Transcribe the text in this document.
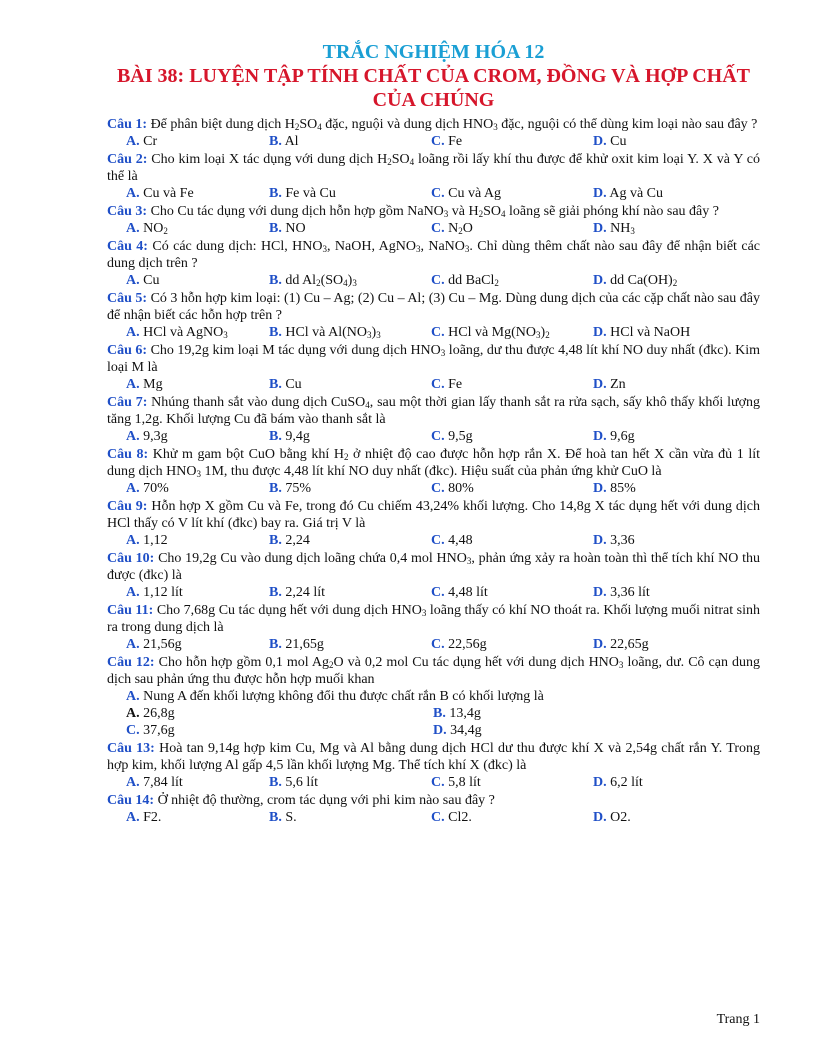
TRẮC NGHIỆM HÓA 12
BÀI 38: LUYỆN TẬP TÍNH CHẤT CỦA CROM, ĐỒNG VÀ HỢP CHẤT CỦA CHÚNG
Câu 1: Để phân biệt dung dịch $H_2SO_4$ đặc, nguội và dung dịch $HNO_3$ đặc, nguội có thể dùng kim loại nào sau đây ?
A. Cr	B. Al	C. Fe	D. Cu
Câu 2: Cho kim loại X tác dụng với dung dịch $H_2SO_4$ loãng rồi lấy khí thu được để khử oxit kim loại Y. X và Y có thể là
A. Cu và Fe	B. Fe và Cu	C. Cu và Ag	D. Ag và Cu
Câu 3: Cho Cu tác dụng với dung dịch hỗn hợp gồm NaNO$_3$ và $H_2SO_4$ loãng sẽ giải phóng khí nào sau đây ?
A. $NO_2$	B. NO	C. $N_2O$	D. $NH_3$
Câu 4: Có các dung dịch: HCl, $HNO_3$, NaOH, AgNO$_3$, NaNO$_3$. Chỉ dùng thêm chất nào sau đây để nhận biết các dung dịch trên ?
A. Cu	B. dd $Al_2(SO_4)_3$	C. dd BaCl$_2$	D. dd $Ca(OH)_2$
Câu 5: Có 3 hỗn hợp kim loại: (1) Cu – Ag; (2) Cu – Al; (3) Cu – Mg. Dùng dung dịch của các cặp chất nào sau đây để nhận biết các hỗn hợp trên ?
A. HCl và AgNO$_3$	B. HCl và $Al(NO_3)_3$	C. HCl và $Mg(NO_3)_2$	D. HCl và NaOH
Câu 6: Cho 19,2g kim loại M tác dụng với dung dịch $HNO_3$ loãng, dư thu được 4,48 lít khí NO duy nhất (đkc). Kim loại M là
A. Mg	B. Cu	C. Fe	D. Zn
Câu 7: Nhúng thanh sắt vào dung dịch CuSO$_4$, sau một thời gian lấy thanh sắt ra rửa sạch, sấy khô thấy khối lượng tăng 1,2g. Khối lượng Cu đã bám vào thanh sắt là
A. 9,3g	B. 9,4g	C. 9,5g	D. 9,6g
Câu 8: Khử m gam bột CuO bằng khí $H_2$ ở nhiệt độ cao được hỗn hợp rắn X. Để hoà tan hết X cần vừa đủ 1 lít dung dịch $HNO_3$ 1M, thu được 4,48 lít khí NO duy nhất (đkc). Hiệu suất của phản ứng khử CuO là
A. 70%	B. 75%	C. 80%	D. 85%
Câu 9: Hỗn hợp X gồm Cu và Fe, trong đó Cu chiếm 43,24% khối lượng. Cho 14,8g X tác dụng hết với dung dịch HCl thấy có V lít khí (đkc) bay ra. Giá trị V là
A. 1,12	B. 2,24	C. 4,48	D. 3,36
Câu 10: Cho 19,2g Cu vào dung dịch loãng chứa 0,4 mol $HNO_3$, phản ứng xảy ra hoàn toàn thì thể tích khí NO thu được (đkc) là
A. 1,12 lít	B. 2,24 lít	C. 4,48 lít	D. 3,36 lít
Câu 11: Cho 7,68g Cu tác dụng hết với dung dịch $HNO_3$ loãng thấy có khí NO thoát ra. Khối lượng muối nitrat sinh ra trong dung dịch là
A. 21,56g	B. 21,65g	C. 22,56g	D. 22,65g
Câu 12: Cho hỗn hợp gồm 0,1 mol $Ag_2O$ và 0,2 mol Cu tác dụng hết với dung dịch $HNO_3$ loãng, dư. Cô cạn dung dịch sau phản ứng thu được hỗn hợp muối khan
A. Nung A đến khối lượng không đổi thu được chất rắn B có khối lượng là
A. 26,8g	B. 13,4g
C. 37,6g	D. 34,4g
Câu 13: Hoà tan 9,14g hợp kim Cu, Mg và Al bằng dung dịch HCl dư thu được khí X và 2,54g chất rắn Y. Trong hợp kim, khối lượng Al gấp 4,5 lần khối lượng Mg. Thể tích khí X (đkc) là
A. 7,84 lít	B. 5,6 lít	C. 5,8 lít	D. 6,2 lít
Câu 14: Ở nhiệt độ thường, crom tác dụng với phi kim nào sau đây ?
A. F2.	B. S.	C. Cl2.	D. O2.
Trang 1
